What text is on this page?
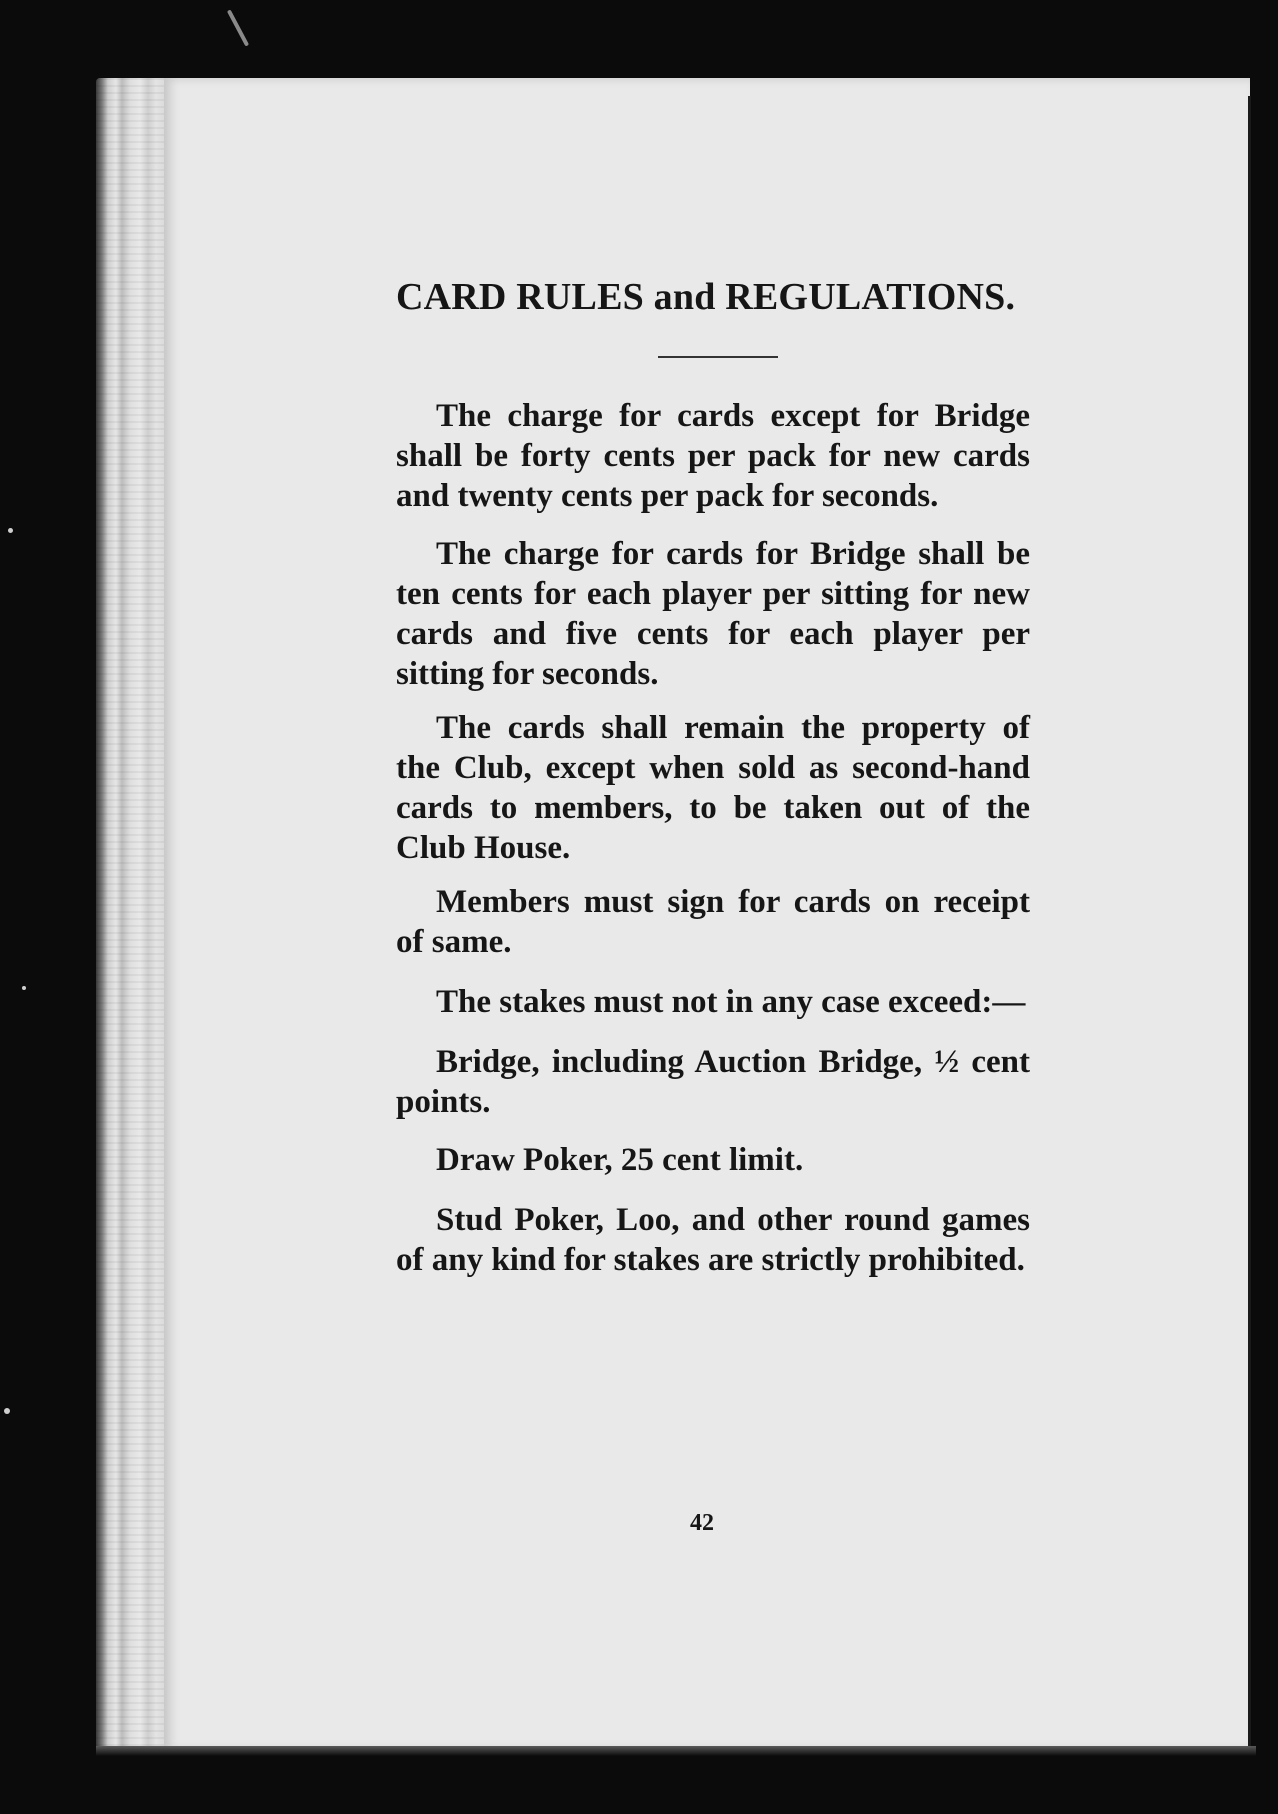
CARD RULES and REGULATIONS.

The charge for cards except for Bridge shall be forty cents per pack for new cards and twenty cents per pack for seconds.

The charge for cards for Bridge shall be ten cents for each player per sitting for new cards and five cents for each player per sitting for seconds.

The cards shall remain the property of the Club, except when sold as second-hand cards to members, to be taken out of the Club House.

Members must sign for cards on receipt of same.

The stakes must not in any case exceed:—

Bridge, including Auction Bridge, ½ cent points.

Draw Poker, 25 cent limit.

Stud Poker, Loo, and other round games of any kind for stakes are strictly prohibited.

42
